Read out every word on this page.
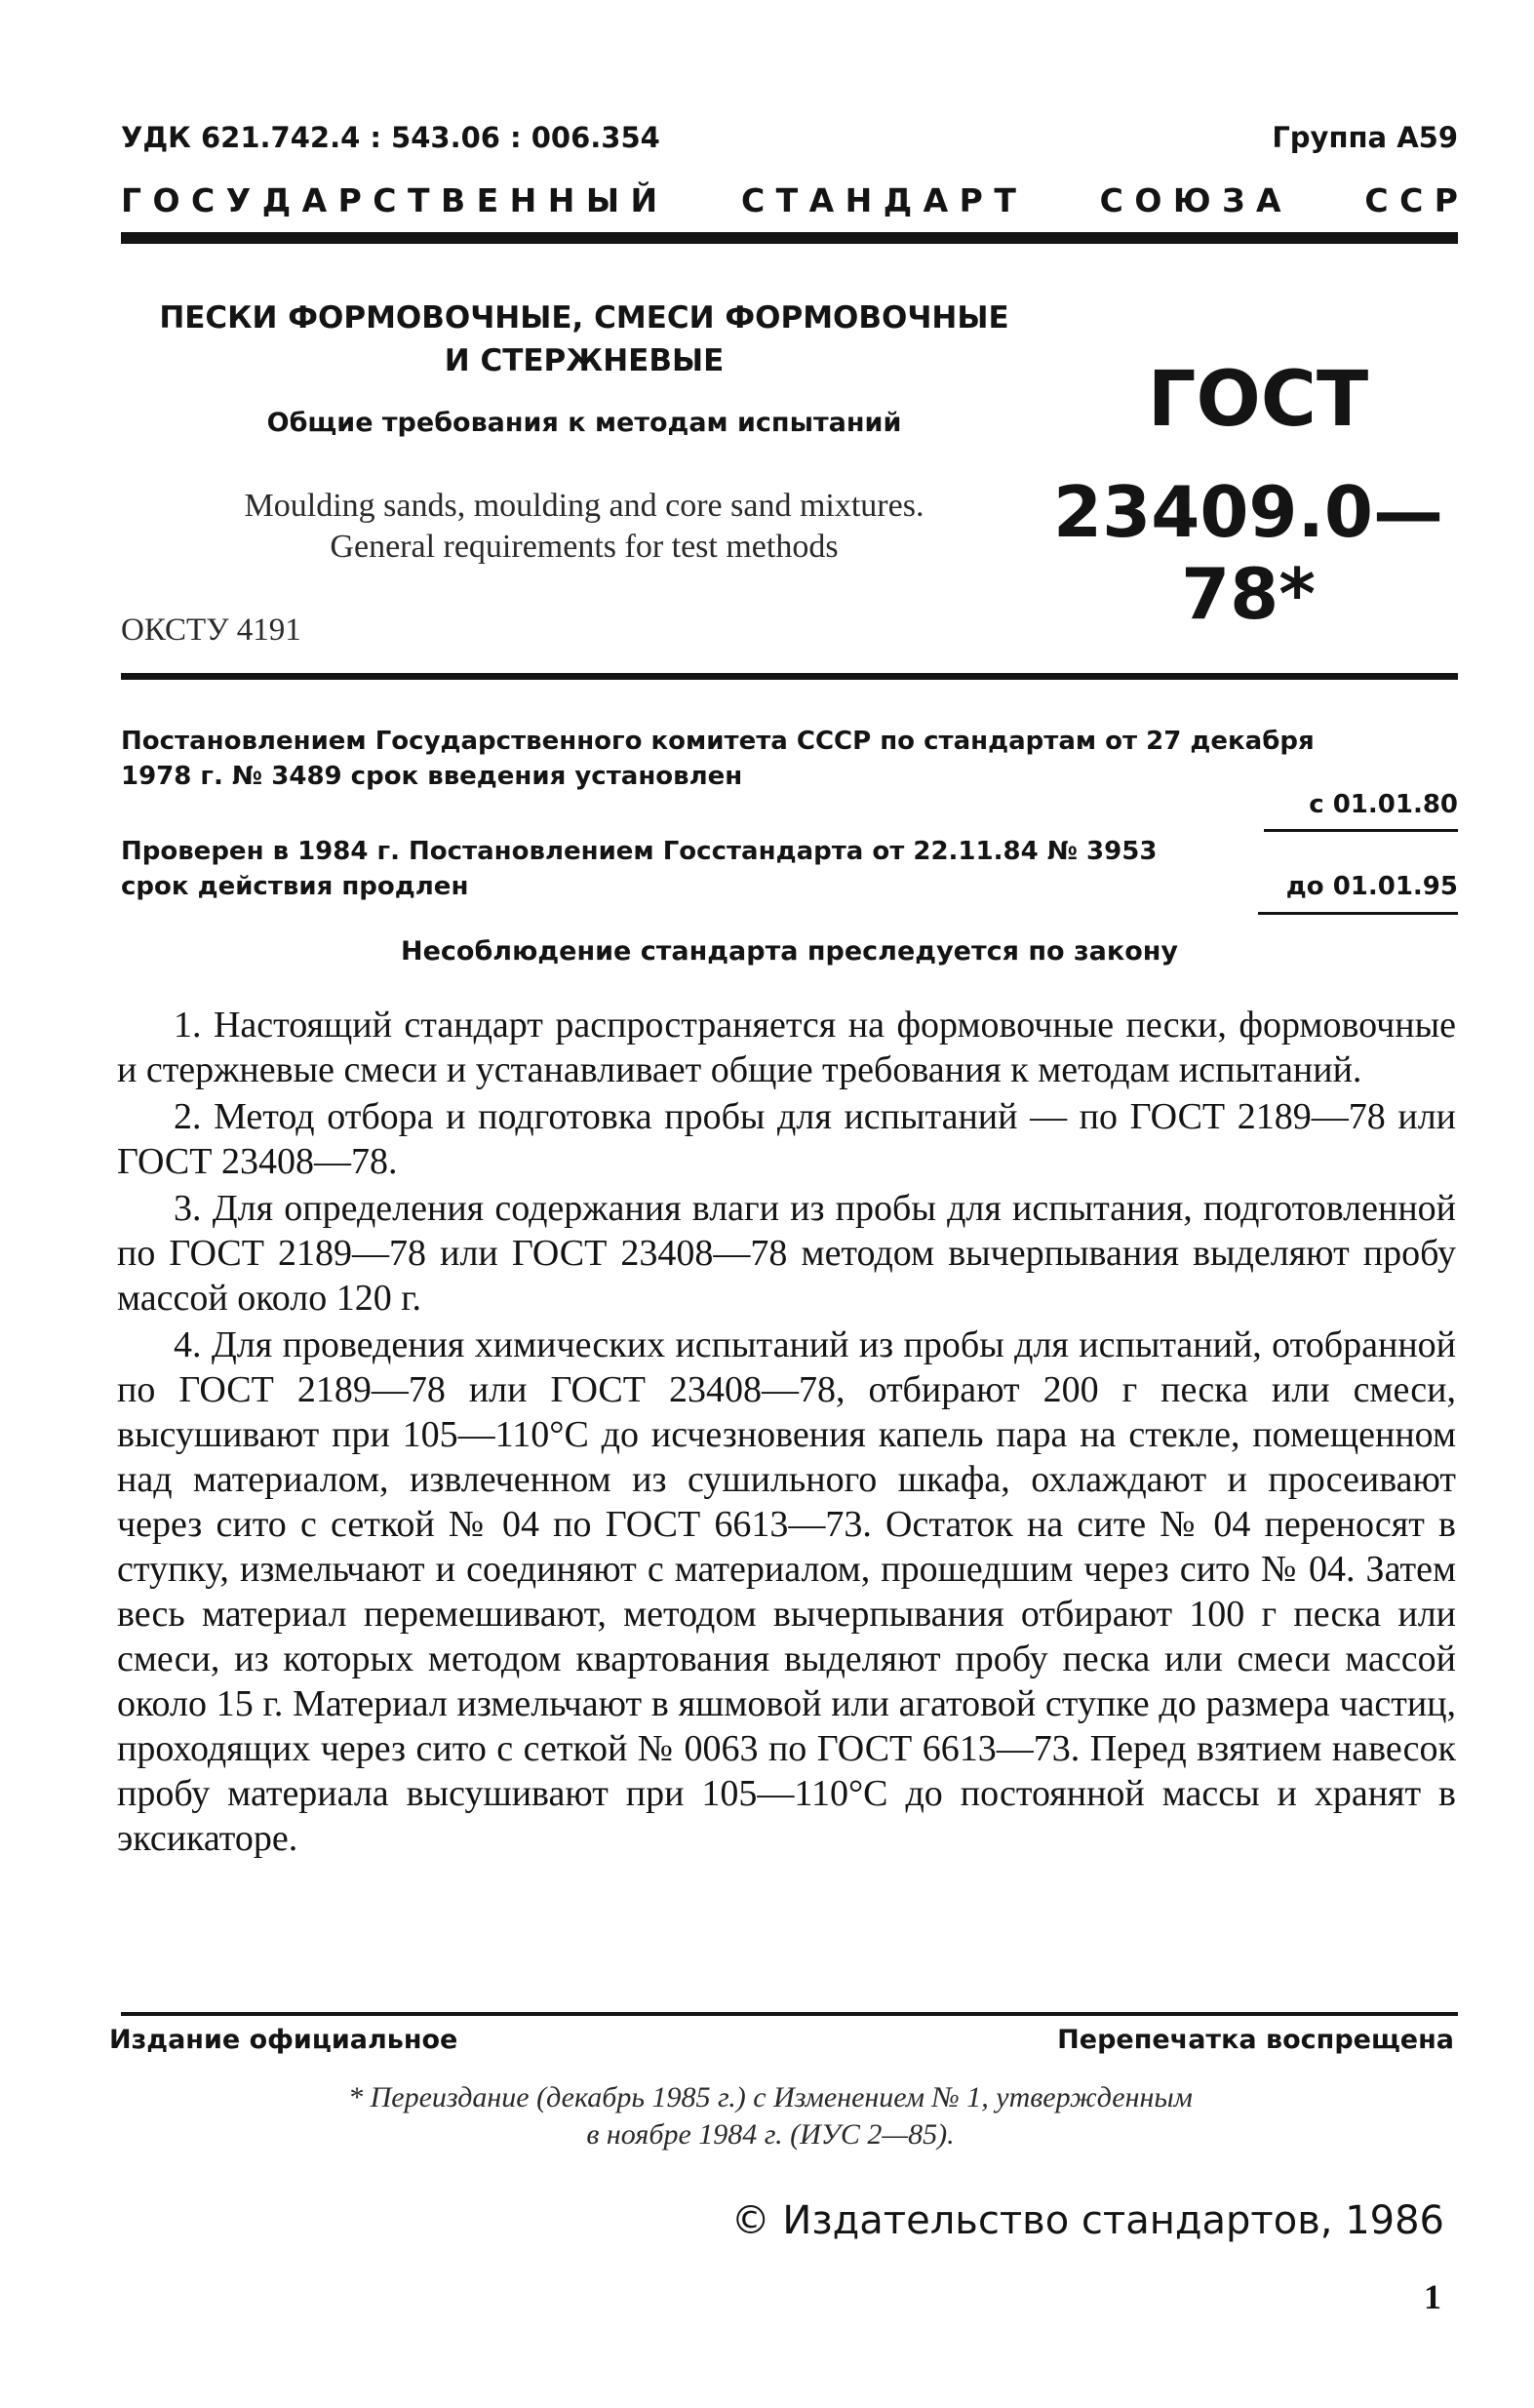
УДК 621.742.4 : 543.06 : 006.354	Группа А59
Г О С У Д А Р С Т В Е Н Н Ы Й	С Т А Н Д А Р Т	С О Ю З А	С С Р
ПЕСКИ ФОРМОВОЧНЫЕ, СМЕСИ ФОРМОВОЧНЫЕ
И СТЕРЖНЕВЫЕ
Общие требования к методам испытаний
Moulding sands, moulding and core sand mixtures.
General requirements for test methods
ГОСТ
23409.0—78*
ОКСТУ 4191
Постановлением Государственного комитета СССР по стандартам от 27 декабря
1978 г. № 3489 срок введения установлен
с 01.01.80
Проверен в 1984 г. Постановлением Госстандарта от 22.11.84 № 3953
срок действия продлен	до 01.01.95
Несоблюдение стандарта преследуется по закону

1. Настоящий стандарт распространяется на формовочные пески, формовочные и стержневые смеси и устанавливает общие требования к методам испытаний.

2. Метод отбора и подготовка пробы для испытаний — по ГОСТ 2189—78 или ГОСТ 23408—78.

3. Для определения содержания влаги из пробы для испытания, подготовленной по ГОСТ 2189—78 или ГОСТ 23408—78 методом вычерпывания выделяют пробу массой около 120 г.

4. Для проведения химических испытаний из пробы для испытаний, отобранной по ГОСТ 2189—78 или ГОСТ 23408—78, отбирают 200 г песка или смеси, высушивают при 105—110°С до исчезновения капель пара на стекле, помещенном над материалом, извлеченном из сушильного шкафа, охлаждают и просеивают через сито с сеткой № 04 по ГОСТ 6613—73. Остаток на сите № 04 переносят в ступку, измельчают и соединяют с материалом, прошедшим через сито № 04. Затем весь материал перемешивают, методом вычерпывания отбирают 100 г песка или смеси, из которых методом квартования выделяют пробу песка или смеси массой около 15 г. Материал измельчают в яшмовой или агатовой ступке до размера частиц, проходящих через сито с сеткой № 0063 по ГОСТ 6613—73. Перед взятием навесок пробу материала высушивают при 105—110°С до постоянной массы и хранят в эксикаторе.

Издание официальное	Перепечатка воспрещена
* Переиздание (декабрь 1985 г.) с Изменением № 1, утвержденным
в ноябре 1984 г. (ИУС 2—85).
© Издательство стандартов, 1986
1
